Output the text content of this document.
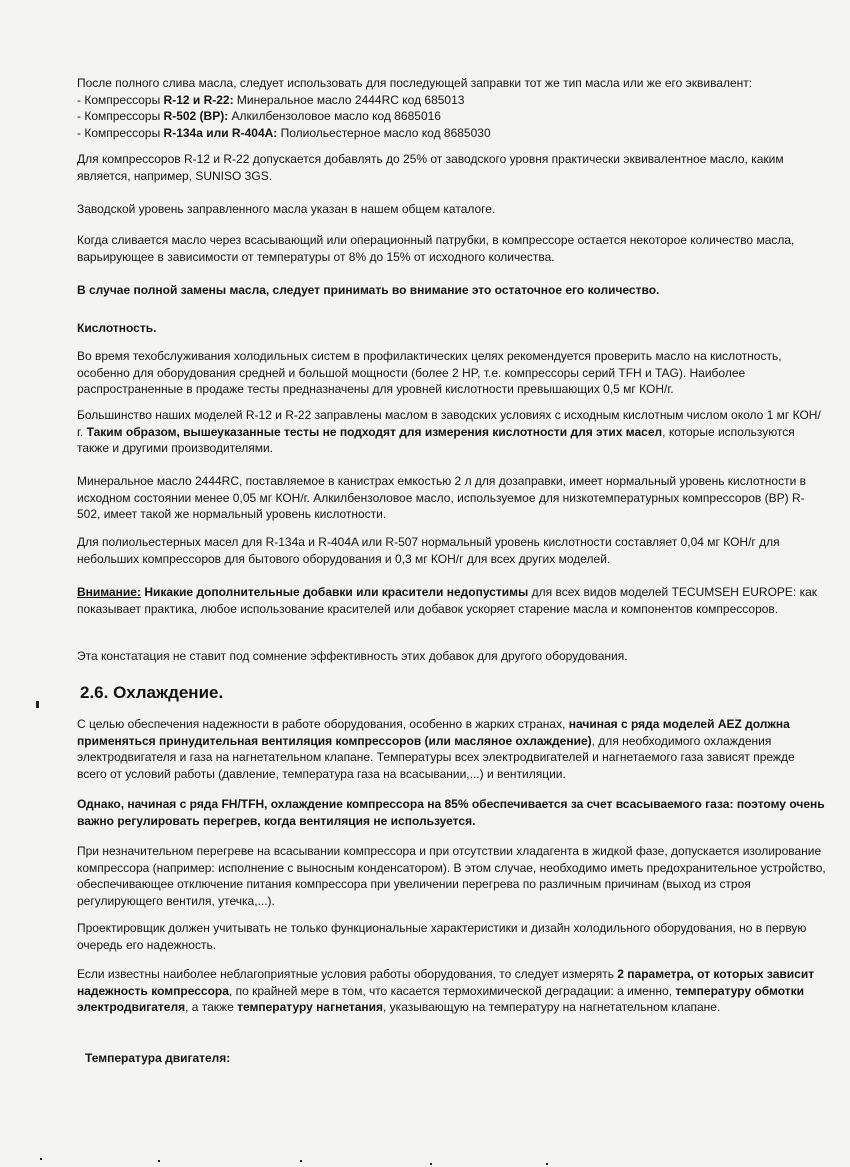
После полного слива масла, следует использовать для последующей заправки тот же тип масла или же его эквивалент:
- Компрессоры R-12 и R-22: Минеральное масло 2444RC код 685013
- Компрессоры R-502 (BP): Алкилбензоловое масло код 8685016
- Компрессоры R-134a или R-404A: Полиольестерное масло код 8685030

Для компрессоров R-12 и R-22 допускается добавлять до 25% от заводского уровня практически эквивалентное масло, каким является, например, SUNISO 3GS.

Заводской уровень заправленного масла указан в нашем общем каталоге.

Когда сливается масло через всасывающий или операционный патрубки, в компрессоре остается некоторое количество масла, варьирующее в зависимости от температуры от 8% до 15% от исходного количества.

В случае полной замены масла, следует принимать во внимание это остаточное его количество.

Кислотность.

Во время техобслуживания холодильных систем в профилактических целях рекомендуется проверить масло на кислотность, особенно для оборудования средней и большой мощности (более 2 HP, т.е. компрессоры серий TFH и TAG). Наиболее распространенные в продаже тесты предназначены для уровней кислотности превышающих 0,5 мг КОН/г.

Большинство наших моделей R-12 и R-22 заправлены маслом в заводских условиях с исходным кислотным числом около 1 мг КОН/г. Таким образом, вышеуказанные тесты не подходят для измерения кислотности для этих масел, которые используются также и другими производителями.

Минеральное масло 2444RC, поставляемое в канистрах емкостью 2 л для дозаправки, имеет нормальный уровень кислотности в исходном состоянии менее 0,05 мг КОН/г. Алкилбензоловое масло, используемое для низкотемпературных компрессоров (BP) R-502, имеет такой же нормальный уровень кислотности.

Для полиольестерных масел для R-134a и R-404A или R-507 нормальный уровень кислотности составляет 0,04 мг КОН/г для небольших компрессоров для бытового оборудования и 0,3 мг КОН/г для всех других моделей.

Внимание: Никакие дополнительные добавки или красители недопустимы для всех видов моделей TECUMSEH EUROPE: как показывает практика, любое использование красителей или добавок ускоряет старение масла и компонентов компрессоров.

Эта констатация не ставит под сомнение эффективность этих добавок для другого оборудования.

2.6. Охлаждение.

С целью обеспечения надежности в работе оборудования, особенно в жарких странах, начиная с ряда моделей AEZ должна применяться принудительная вентиляция компрессоров (или масляное охлаждение), для необходимого охлаждения электродвигателя и газа на нагнетательном клапане. Температуры всех электродвигателей и нагнетаемого газа зависят прежде всего от условий работы (давление, температура газа на всасывании,...) и вентиляции.

Однако, начиная с ряда FH/TFH, охлаждение компрессора на 85% обеспечивается за счет всасываемого газа: поэтому очень важно регулировать перегрев, когда вентиляция не используется.

При незначительном перегреве на всасывании компрессора и при отсутствии хладагента в жидкой фазе, допускается изолирование компрессора (например: исполнение с выносным конденсатором). В этом случае, необходимо иметь предохранительное устройство, обеспечивающее отключение питания компрессора при увеличении перегрева по различным причинам (выход из строя регулирующего вентиля, утечка,...).

Проектировщик должен учитывать не только функциональные характеристики и дизайн холодильного оборудования, но в первую очередь его надежность.

Если известны наиболее неблагоприятные условия работы оборудования, то следует измерять 2 параметра, от которых зависит надежность компрессора, по крайней мере в том, что касается термохимической деградации: а именно, температуру обмотки электродвигателя, а также температуру нагнетания, указывающую на температуру на нагнетательном клапане.

Температура двигателя:
